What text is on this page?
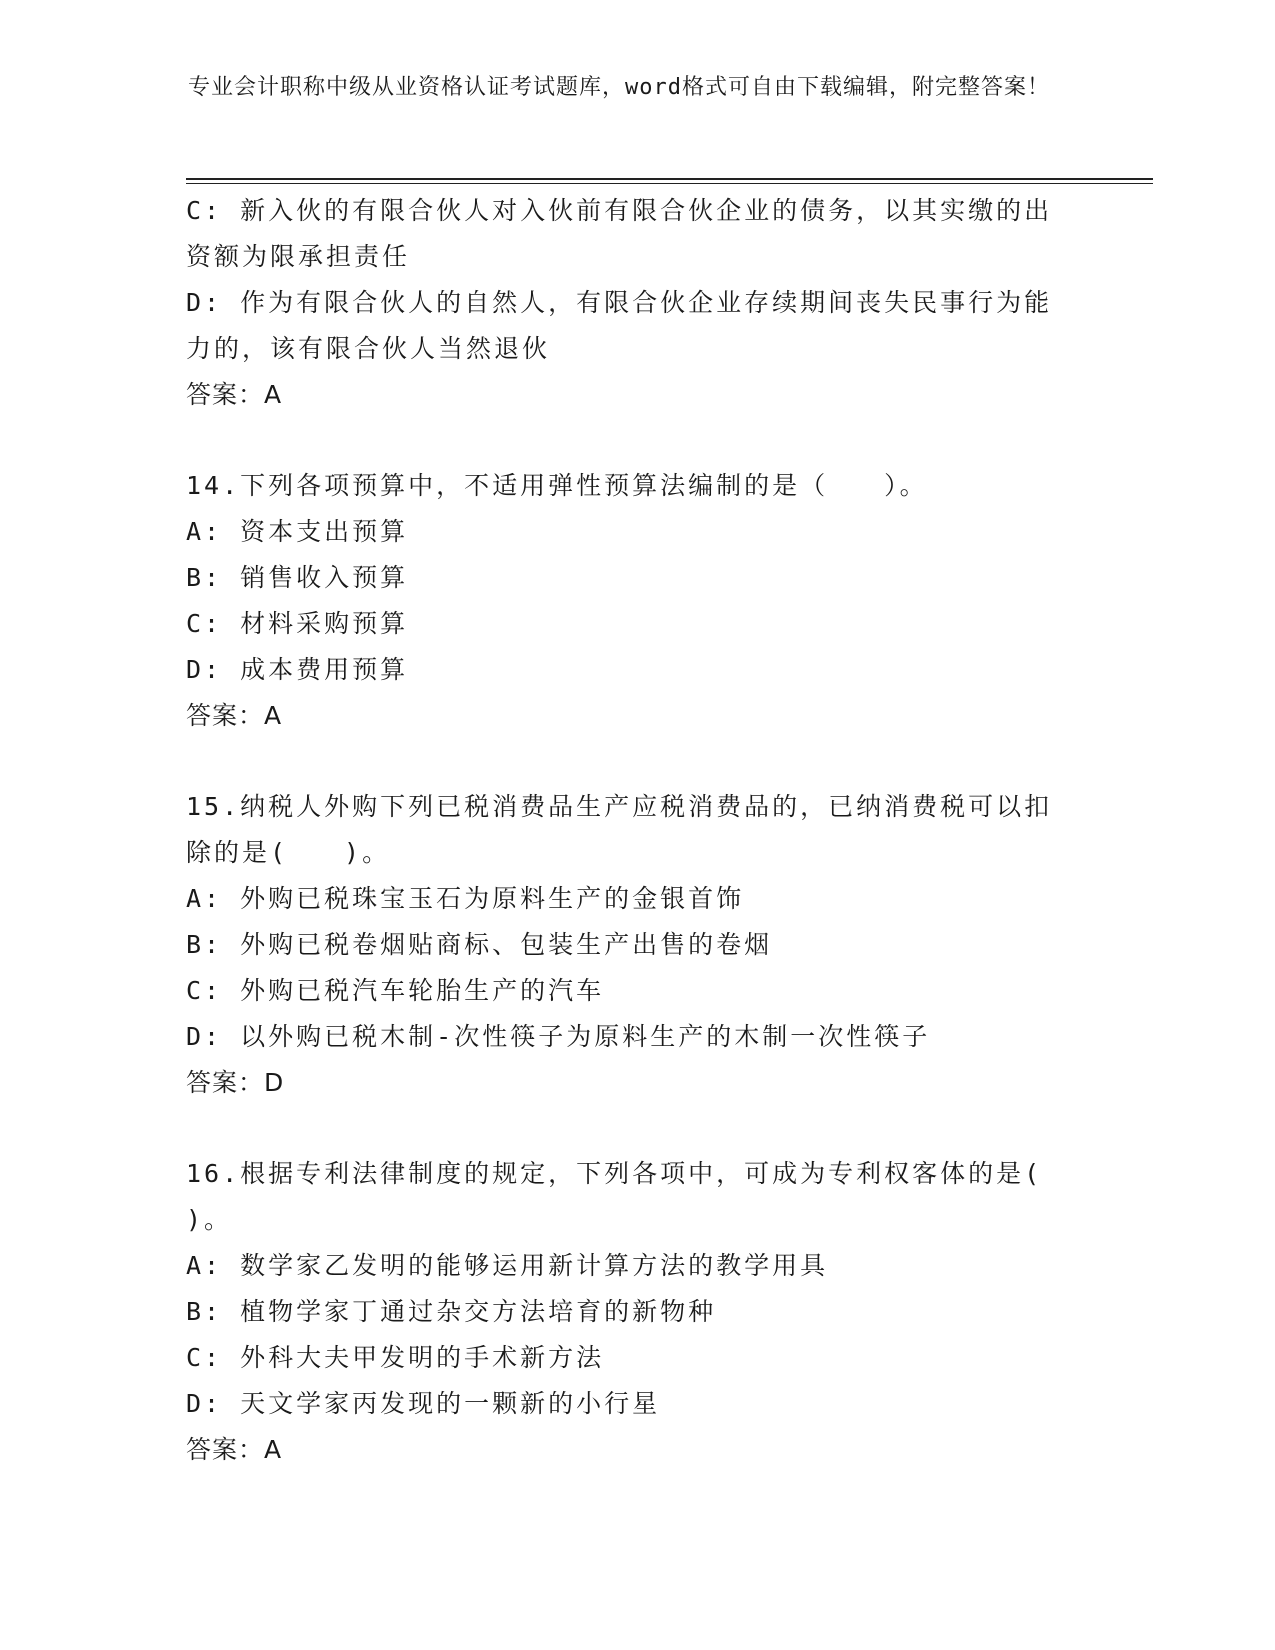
专业会计职称中级从业资格认证考试题库，word格式可自由下载编辑，附完整答案！

C: 新入伙的有限合伙人对入伙前有限合伙企业的债务，以其实缴的出

资额为限承担责任

D: 作为有限合伙人的自然人，有限合伙企业存续期间丧失民事行为能

力的，该有限合伙人当然退伙

答案：A

14.下列各项预算中，不适用弹性预算法编制的是（　　）。

A: 资本支出预算

B: 销售收入预算

C: 材料采购预算

D: 成本费用预算

答案：A

15.纳税人外购下列已税消费品生产应税消费品的，已纳消费税可以扣

除的是(　　)。

A: 外购已税珠宝玉石为原料生产的金银首饰

B: 外购已税卷烟贴商标、包装生产出售的卷烟

C: 外购已税汽车轮胎生产的汽车

D: 以外购已税木制-次性筷子为原料生产的木制一次性筷子

答案：D

16.根据专利法律制度的规定，下列各项中，可成为专利权客体的是(

)。

A: 数学家乙发明的能够运用新计算方法的教学用具

B: 植物学家丁通过杂交方法培育的新物种

C: 外科大夫甲发明的手术新方法

D: 天文学家丙发现的一颗新的小行星

答案：A
